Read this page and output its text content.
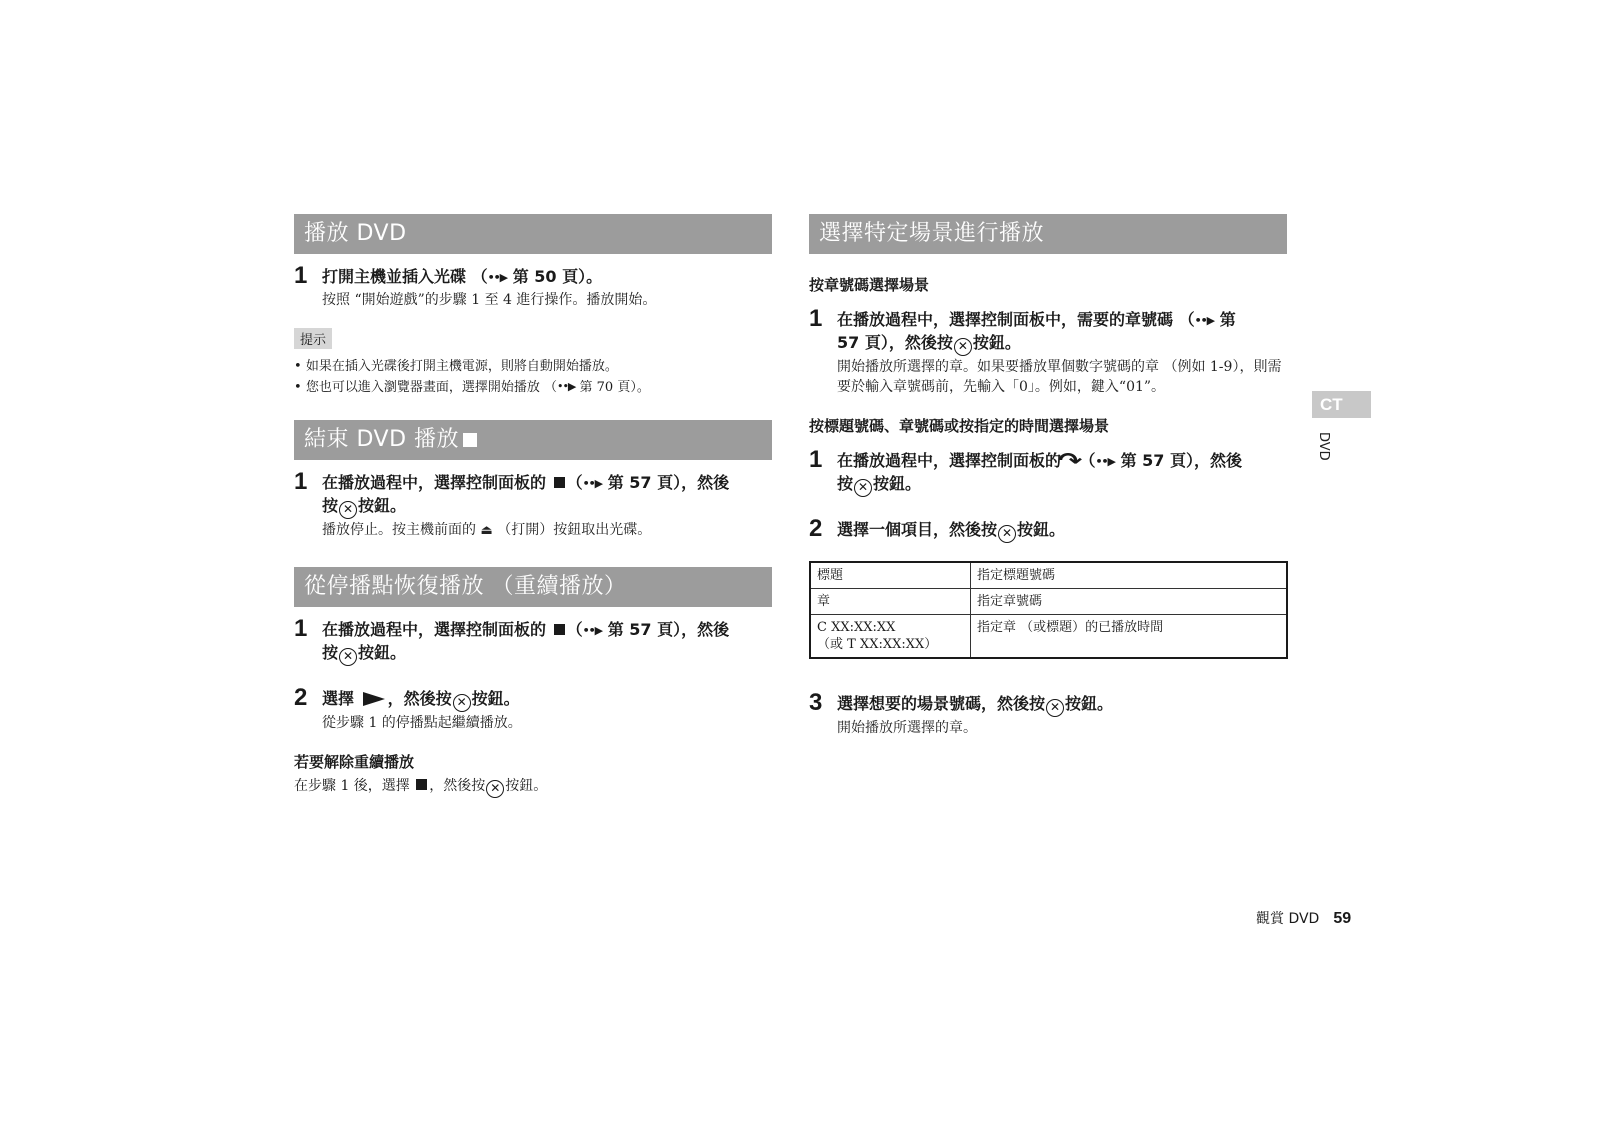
播放 DVD
1 打開主機並插入光碟 （••▶ 第 50 頁）。
按照 “開始遊戲”的步驟 1 至 4 進行操作。播放開始。
提示
• 如果在插入光碟後打開主機電源，則將自動開始播放。
• 您也可以進入瀏覽器畫面，選擇開始播放 （••▶ 第 70 頁）。
結束 DVD 播放
1 在播放過程中，選擇控制面板的 （••▶ 第 57 頁），然後
按 ✕ 按鈕。
播放停止。按主機前面的 ⏏ （打開）按鈕取出光碟。
從停播點恢復播放 （重續播放）
1 在播放過程中，選擇控制面板的 （••▶ 第 57 頁），然後
按 ✕ 按鈕。
2 選擇 ，然後按 ✕ 按鈕。
從步驟 1 的停播點起繼續播放。
若要解除重續播放
在步驟 1 後，選擇 ，然後按 ✕ 按鈕。
選擇特定場景進行播放
按章號碼選擇場景
1 在播放過程中，選擇控制面板中，需要的章號碼 （••▶ 第
57 頁），然後按 ✕ 按鈕。
開始播放所選擇的章。如果要播放單個數字號碼的章 （例如 1-9），則需要於輸入章號碼前，先輸入「0」。例如，鍵入“01”。
按標題號碼、章號碼或按指定的時間選擇場景
1 在播放過程中，選擇控制面板的↷（••▶ 第 57 頁），然後
按 ✕ 按鈕。
2 選擇一個項目，然後按 ✕ 按鈕。
標題	指定標題號碼
章	指定章號碼
C XX:XX:XX
（或 T XX:XX:XX）	指定章 （或標題）的已播放時間
3 選擇想要的場景號碼，然後按 ✕ 按鈕。
開始播放所選擇的章。
CT
DVD
觀賞 DVD 59
